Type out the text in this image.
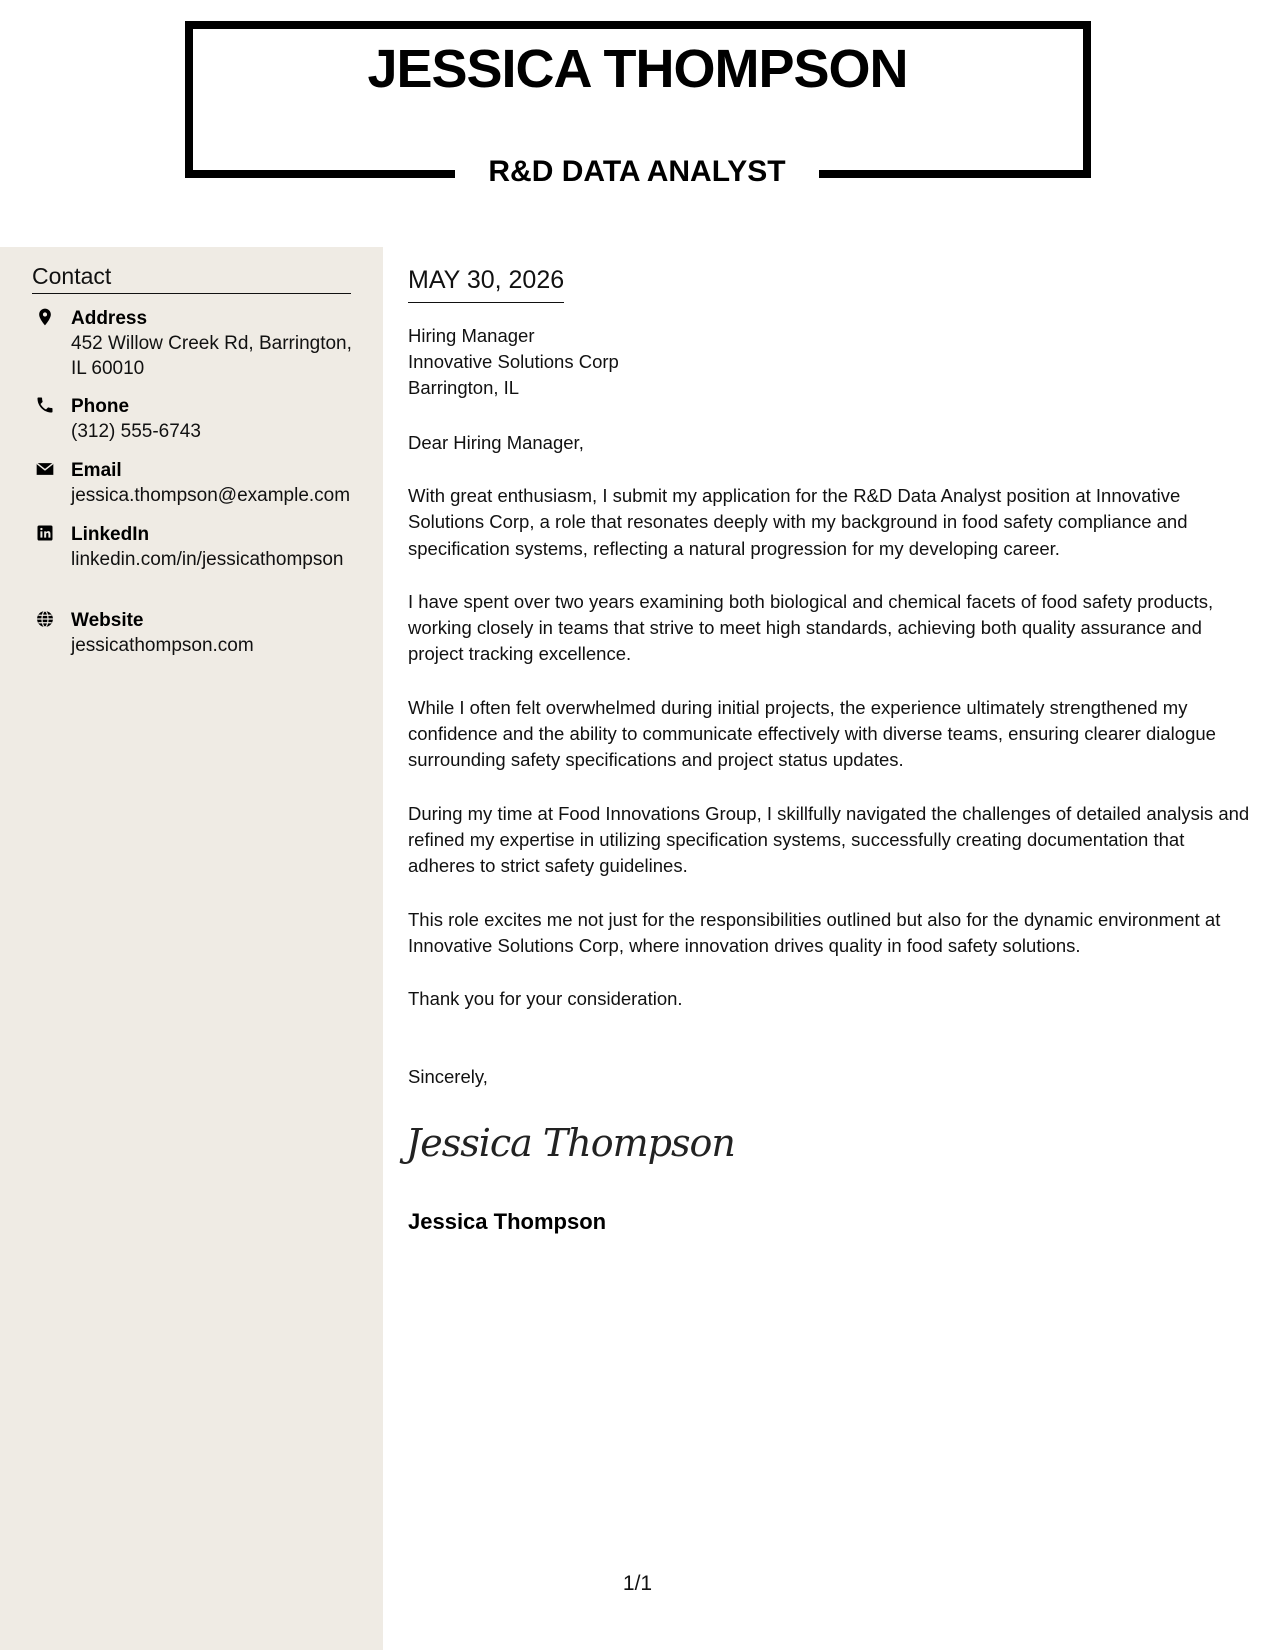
JESSICA THOMPSON
R&D DATA ANALYST
Contact
Address
452 Willow Creek Rd, Barrington, IL 60010
Phone
(312) 555-6743
Email
jessica.thompson@example.com
LinkedIn
linkedin.com/in/jessicathompson
Website
jessicathompson.com
MAY 30, 2026
Hiring Manager
Innovative Solutions Corp
Barrington, IL
Dear Hiring Manager,

With great enthusiasm, I submit my application for the R&D Data Analyst position at Innovative Solutions Corp, a role that resonates deeply with my background in food safety compliance and specification systems, reflecting a natural progression for my developing career.

I have spent over two years examining both biological and chemical facets of food safety products, working closely in teams that strive to meet high standards, achieving both quality assurance and project tracking excellence.

While I often felt overwhelmed during initial projects, the experience ultimately strengthened my confidence and the ability to communicate effectively with diverse teams, ensuring clearer dialogue surrounding safety specifications and project status updates.

During my time at Food Innovations Group, I skillfully navigated the challenges of detailed analysis and refined my expertise in utilizing specification systems, successfully creating documentation that adheres to strict safety guidelines.

This role excites me not just for the responsibilities outlined but also for the dynamic environment at Innovative Solutions Corp, where innovation drives quality in food safety solutions.

Thank you for your consideration.

Sincerely,
Jessica Thompson
Jessica Thompson
1/1
